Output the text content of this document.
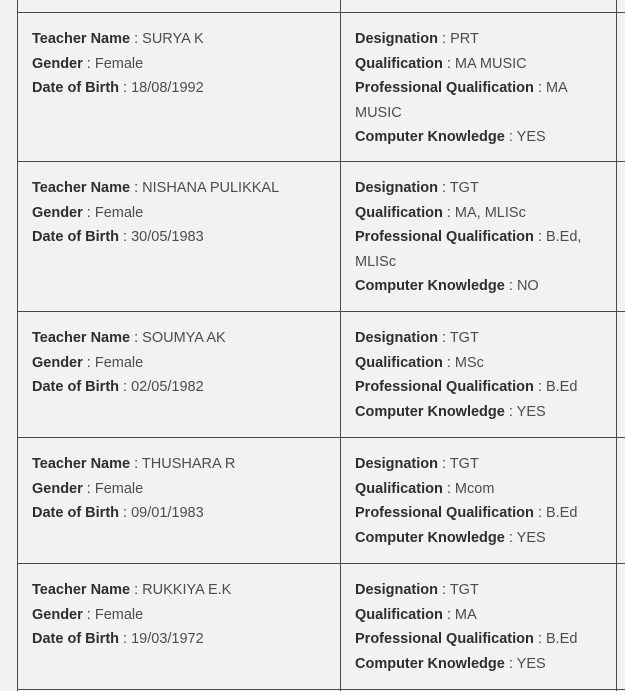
Teacher Name : SURYA K
Gender : Female
Date of Birth : 18/08/1992
Designation : PRT
Qualification : MA MUSIC
Professional Qualification : MA
MUSIC
Computer Knowledge : YES
Teacher Name : NISHANA PULIKKAL
Gender : Female
Date of Birth : 30/05/1983
Designation : TGT
Qualification : MA, MLISc
Professional Qualification : B.Ed,
MLISc
Computer Knowledge : NO
Teacher Name : SOUMYA AK
Gender : Female
Date of Birth : 02/05/1982
Designation : TGT
Qualification : MSc
Professional Qualification : B.Ed
Computer Knowledge : YES
Teacher Name : THUSHARA R
Gender : Female
Date of Birth : 09/01/1983
Designation : TGT
Qualification : Mcom
Professional Qualification : B.Ed
Computer Knowledge : YES
Teacher Name : RUKKIYA E.K
Gender : Female
Date of Birth : 19/03/1972
Designation : TGT
Qualification : MA
Professional Qualification : B.Ed
Computer Knowledge : YES
